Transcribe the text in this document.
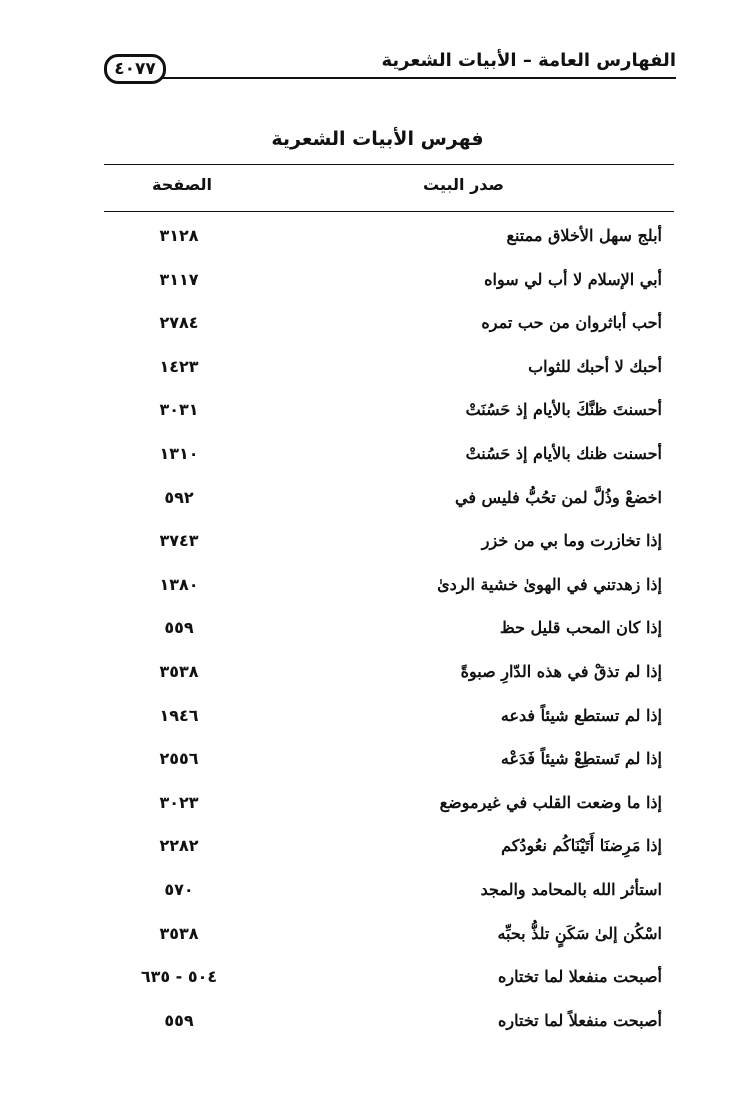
٤٠٧٧	الفهارس العامة – الأبيات الشعرية
فهرس الأبيات الشعرية
صدر البيت
الصفحة
أبلج سهل الأخلاق ممتنع
٣١٢٨
أبي الإسلام لا أب لي سواه
٣١١٧
أحب أباثروان من حب تمره
٢٧٨٤
أحبك لا أحبك للثواب
١٤٢٣
أحسنتَ ظنَّكَ بالأيام إذ حَسُنَتْ
٣٠٣١
أحسنت ظنك بالأيام إذ حَسُنتْ
١٣١٠
اخضعْ وذُلَّ لمن تحُبُّ فليس في
٥٩٢
إذا تخازرت وما بي من خزر
٣٧٤٣
إذا زهدتني في الهوىٰ خشية الردىٰ
١٣٨٠
إذا كان المحب قليل حظ
٥٥٩
إذا لم تذقْ في هذه الدّارِ صبوةً
٣٥٣٨
إذا لم تستطع شيئاً فدعه
١٩٤٦
إذا لم تَستطِعْ شيئاً فَدَعْه
٢٥٥٦
إذا ما وضعت القلب في غيرموضع
٣٠٢٣
إذا مَرِضنَا أَتَيْنَاكُم نعُودُكم
٢٢٨٢
استأثر الله بالمحامد والمجد
٥٧٠
اسْكُن إلىٰ سَكَنٍ تلذُّ بحبِّه
٣٥٣٨
أصبحت منفعلا لما تختاره
٥٠٤ - ٦٣٥
أصبحت منفعلاً لما تختاره
٥٥٩
